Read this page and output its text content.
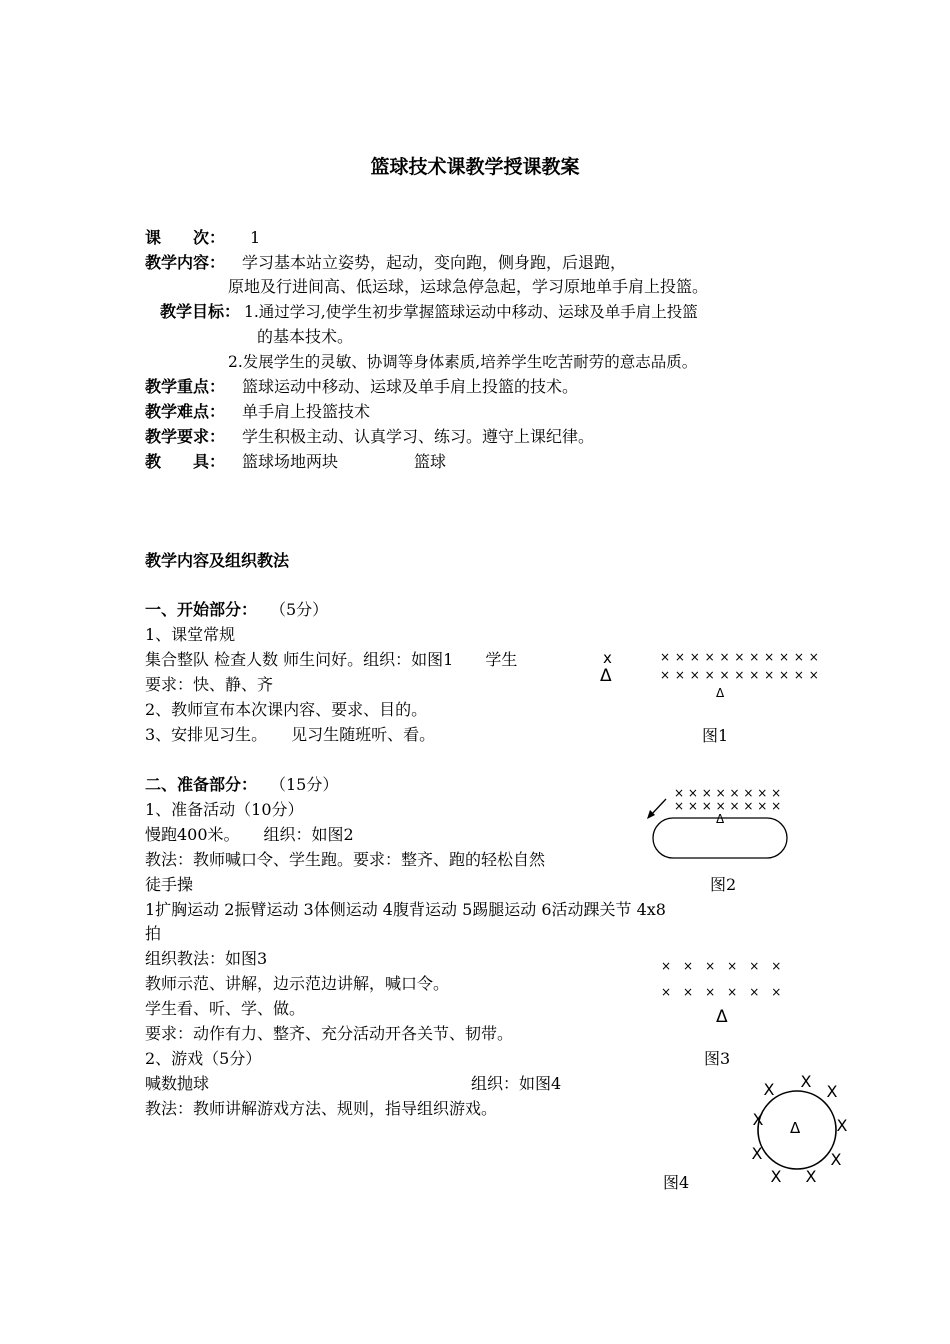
篮球技术课教学授课教案
课　　次： 1
教学内容： 学习基本站立姿势，起动，变向跑，侧身跑，后退跑，
原地及行进间高、低运球，运球急停急起，学习原地单手肩上投篮。
教学目标： 1.通过学习,使学生初步掌握篮球运动中移动、运球及单手肩上投篮
的基本技术。
2.发展学生的灵敏、协调等身体素质,培养学生吃苦耐劳的意志品质。
教学重点： 篮球运动中移动、运球及单手肩上投篮的技术。
教学难点： 单手肩上投篮技术
教学要求： 学生积极主动、认真学习、练习。遵守上课纪律。
教　　具： 篮球场地两块	篮球
教学内容及组织教法
一、开始部分： （5分）
1、课堂常规
集合整队 检查人数 师生问好。组织：如图1　　学生
要求：快、静、齐
2、教师宣布本次课内容、要求、目的。
3、安排见习生。　　见习生随班听、看。
x
Δ
× × × × × × × × × × ×
× × × × × × × × × × ×
Δ
图1
二、准备部分： （15分）
1、准备活动（10分）
慢跑400米。　　组织：如图2
教法：教师喊口令、学生跑。要求：整齐、跑的轻松自然
徒手操
1扩胸运动 2振臂运动 3体侧运动 4腹背运动 5踢腿运动 6活动踝关节 4x8
拍
组织教法：如图3
教师示范、讲解，边示范边讲解，喊口令。
学生看、听、学、做。
要求：动作有力、整齐、充分活动开各关节、韧带。
2、游戏（5分）
喊数抛球	组织：如图4
教法：教师讲解游戏方法、规则，指导组织游戏。
× × × × × × × ×
× × × × × × × ×
Δ
图2
×　×　×　×　×　×
×　×　×　×　×　×
Δ
图3
X X
X
X	X
X	X
X X
Δ
图4
